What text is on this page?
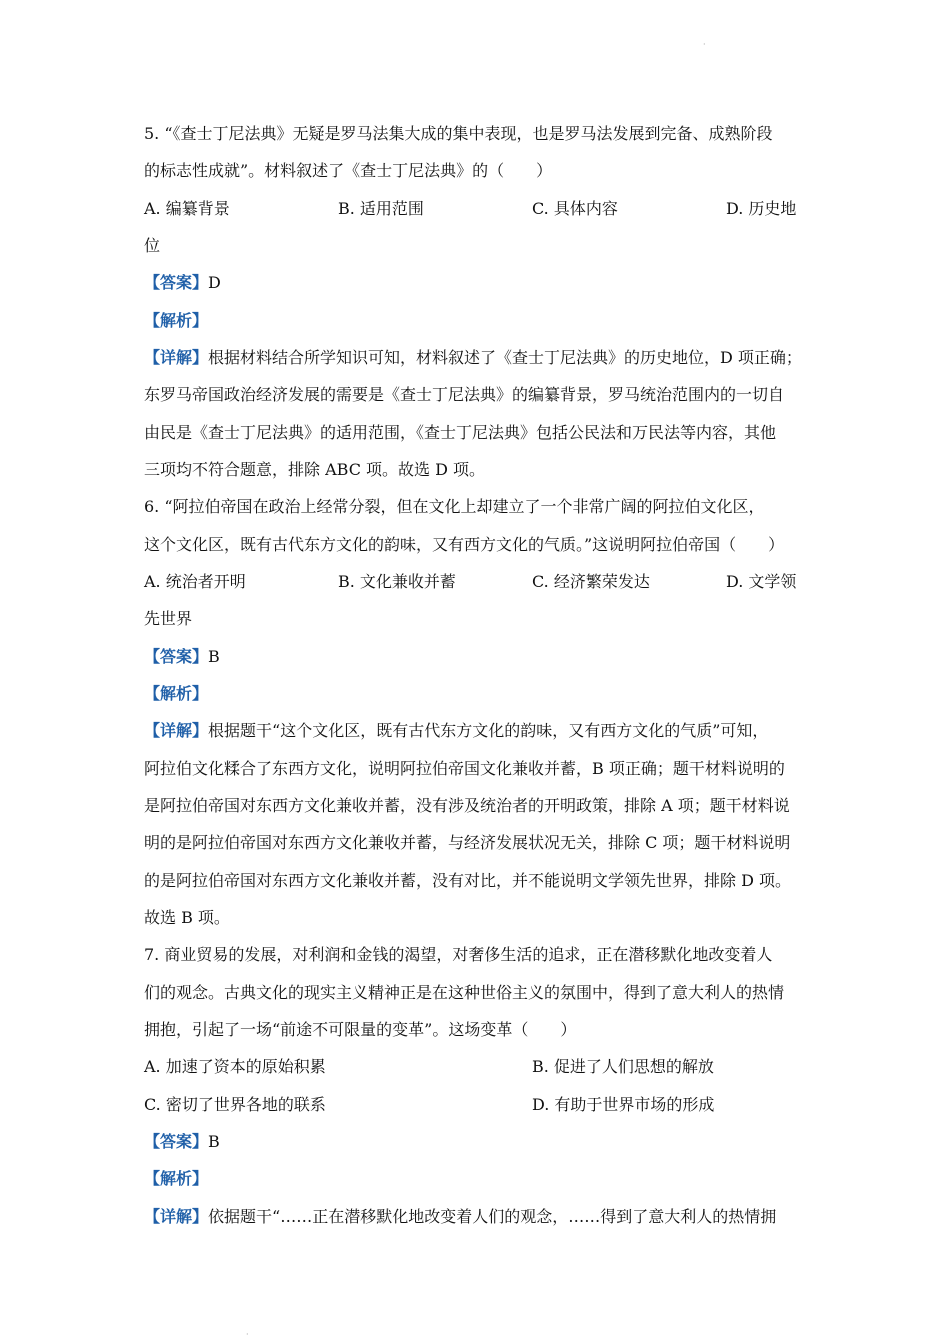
5. “《查士丁尼法典》无疑是罗马法集大成的集中表现，也是罗马法发展到完备、成熟阶段
的标志性成就”。材料叙述了《查士丁尼法典》的（　　）
A. 编纂背景	B. 适用范围	C. 具体内容	D. 历史地
位
【答案】D
【解析】
【详解】根据材料结合所学知识可知，材料叙述了《查士丁尼法典》的历史地位，D 项正确；
东罗马帝国政治经济发展的需要是《查士丁尼法典》的编纂背景，罗马统治范围内的一切自
由民是《查士丁尼法典》的适用范围，《查士丁尼法典》包括公民法和万民法等内容，其他
三项均不符合题意，排除 ABC 项。故选 D 项。
6. “阿拉伯帝国在政治上经常分裂，但在文化上却建立了一个非常广阔的阿拉伯文化区，
这个文化区，既有古代东方文化的韵味，又有西方文化的气质。”这说明阿拉伯帝国（　　）
A. 统治者开明	B. 文化兼收并蓄	C. 经济繁荣发达	D. 文学领
先世界
【答案】B
【解析】
【详解】根据题干“这个文化区，既有古代东方文化的韵味，又有西方文化的气质”可知，
阿拉伯文化糅合了东西方文化，说明阿拉伯帝国文化兼收并蓄，B 项正确；题干材料说明的
是阿拉伯帝国对东西方文化兼收并蓄，没有涉及统治者的开明政策，排除 A 项；题干材料说
明的是阿拉伯帝国对东西方文化兼收并蓄，与经济发展状况无关，排除 C 项；题干材料说明
的是阿拉伯帝国对东西方文化兼收并蓄，没有对比，并不能说明文学领先世界，排除 D 项。
故选 B 项。
7. 商业贸易的发展，对利润和金钱的渴望，对奢侈生活的追求，正在潜移默化地改变着人
们的观念。古典文化的现实主义精神正是在这种世俗主义的氛围中，得到了意大利人的热情
拥抱，引起了一场“前途不可限量的变革”。这场变革（　　）
A. 加速了资本的原始积累	B. 促进了人们思想的解放
C. 密切了世界各地的联系	D. 有助于世界市场的形成
【答案】B
【解析】
【详解】依据题干“……正在潜移默化地改变着人们的观念，……得到了意大利人的热情拥
·
·
